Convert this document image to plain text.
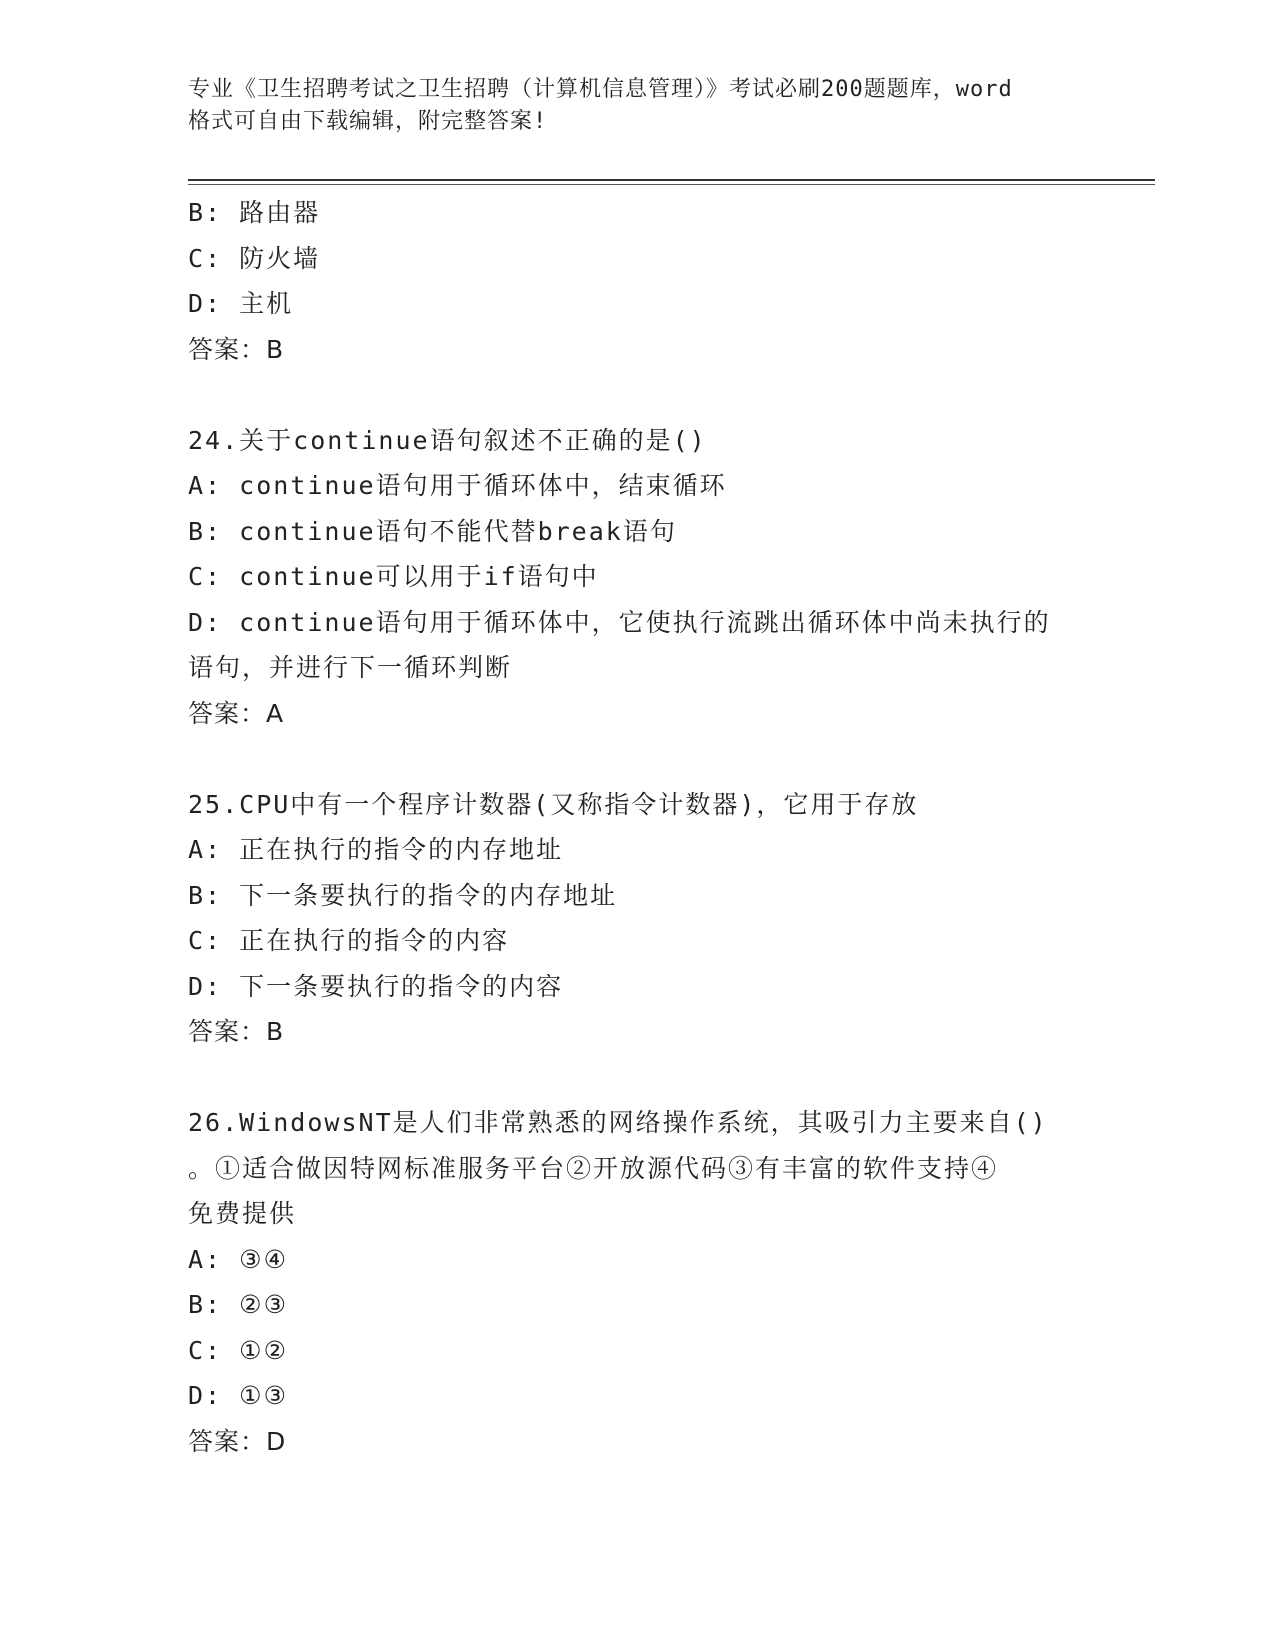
专业《卫生招聘考试之卫生招聘（计算机信息管理）》考试必刷200题题库，word
格式可自由下载编辑，附完整答案!
B: 路由器
C: 防火墙
D: 主机
答案：B
24.关于continue语句叙述不正确的是()
A: continue语句用于循环体中，结束循环
B: continue语句不能代替break语句
C: continue可以用于if语句中
D: continue语句用于循环体中，它使执行流跳出循环体中尚未执行的
语句，并进行下一循环判断
答案：A
25.CPU中有一个程序计数器(又称指令计数器)，它用于存放
A: 正在执行的指令的内存地址
B: 下一条要执行的指令的内存地址
C: 正在执行的指令的内容
D: 下一条要执行的指令的内容
答案：B
26.WindowsNT是人们非常熟悉的网络操作系统，其吸引力主要来自()
。①适合做因特网标准服务平台②开放源代码③有丰富的软件支持④
免费提供
A: ③④
B: ②③
C: ①②
D: ①③
答案：D
